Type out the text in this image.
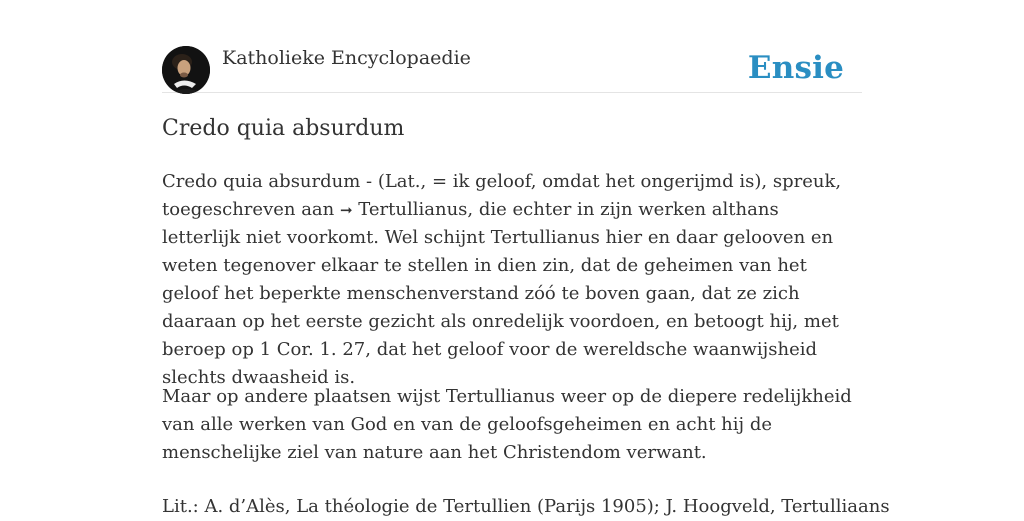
Katholieke Encyclopaedie	Ensie
Credo quia absurdum

Credo quia absurdum - (Lat., = ik geloof, omdat het ongerijmd is), spreuk, toegeschreven aan ➞ Tertullianus, die echter in zijn werken althans letterlijk niet voorkomt. Wel schijnt Tertullianus hier en daar gelooven en weten tegenover elkaar te stellen in dien zin, dat de geheimen van het geloof het beperkte menschenverstand zóó te boven gaan, dat ze zich daaraan op het eerste gezicht als onredelijk voordoen, en betoogt hij, met beroep op 1 Cor. 1. 27, dat het geloof voor de wereldsche waanwijsheid slechts dwaasheid is.

Maar op andere plaatsen wijst Tertullianus weer op de diepere redelijkheid van alle werken van God en van de geloofsgeheimen en acht hij de menschelijke ziel van nature aan het Christendom verwant.

Lit.: A. d’Alès, La théologie de Tertullien (Parijs 1905); J. Hoogveld, Tertulliaans
